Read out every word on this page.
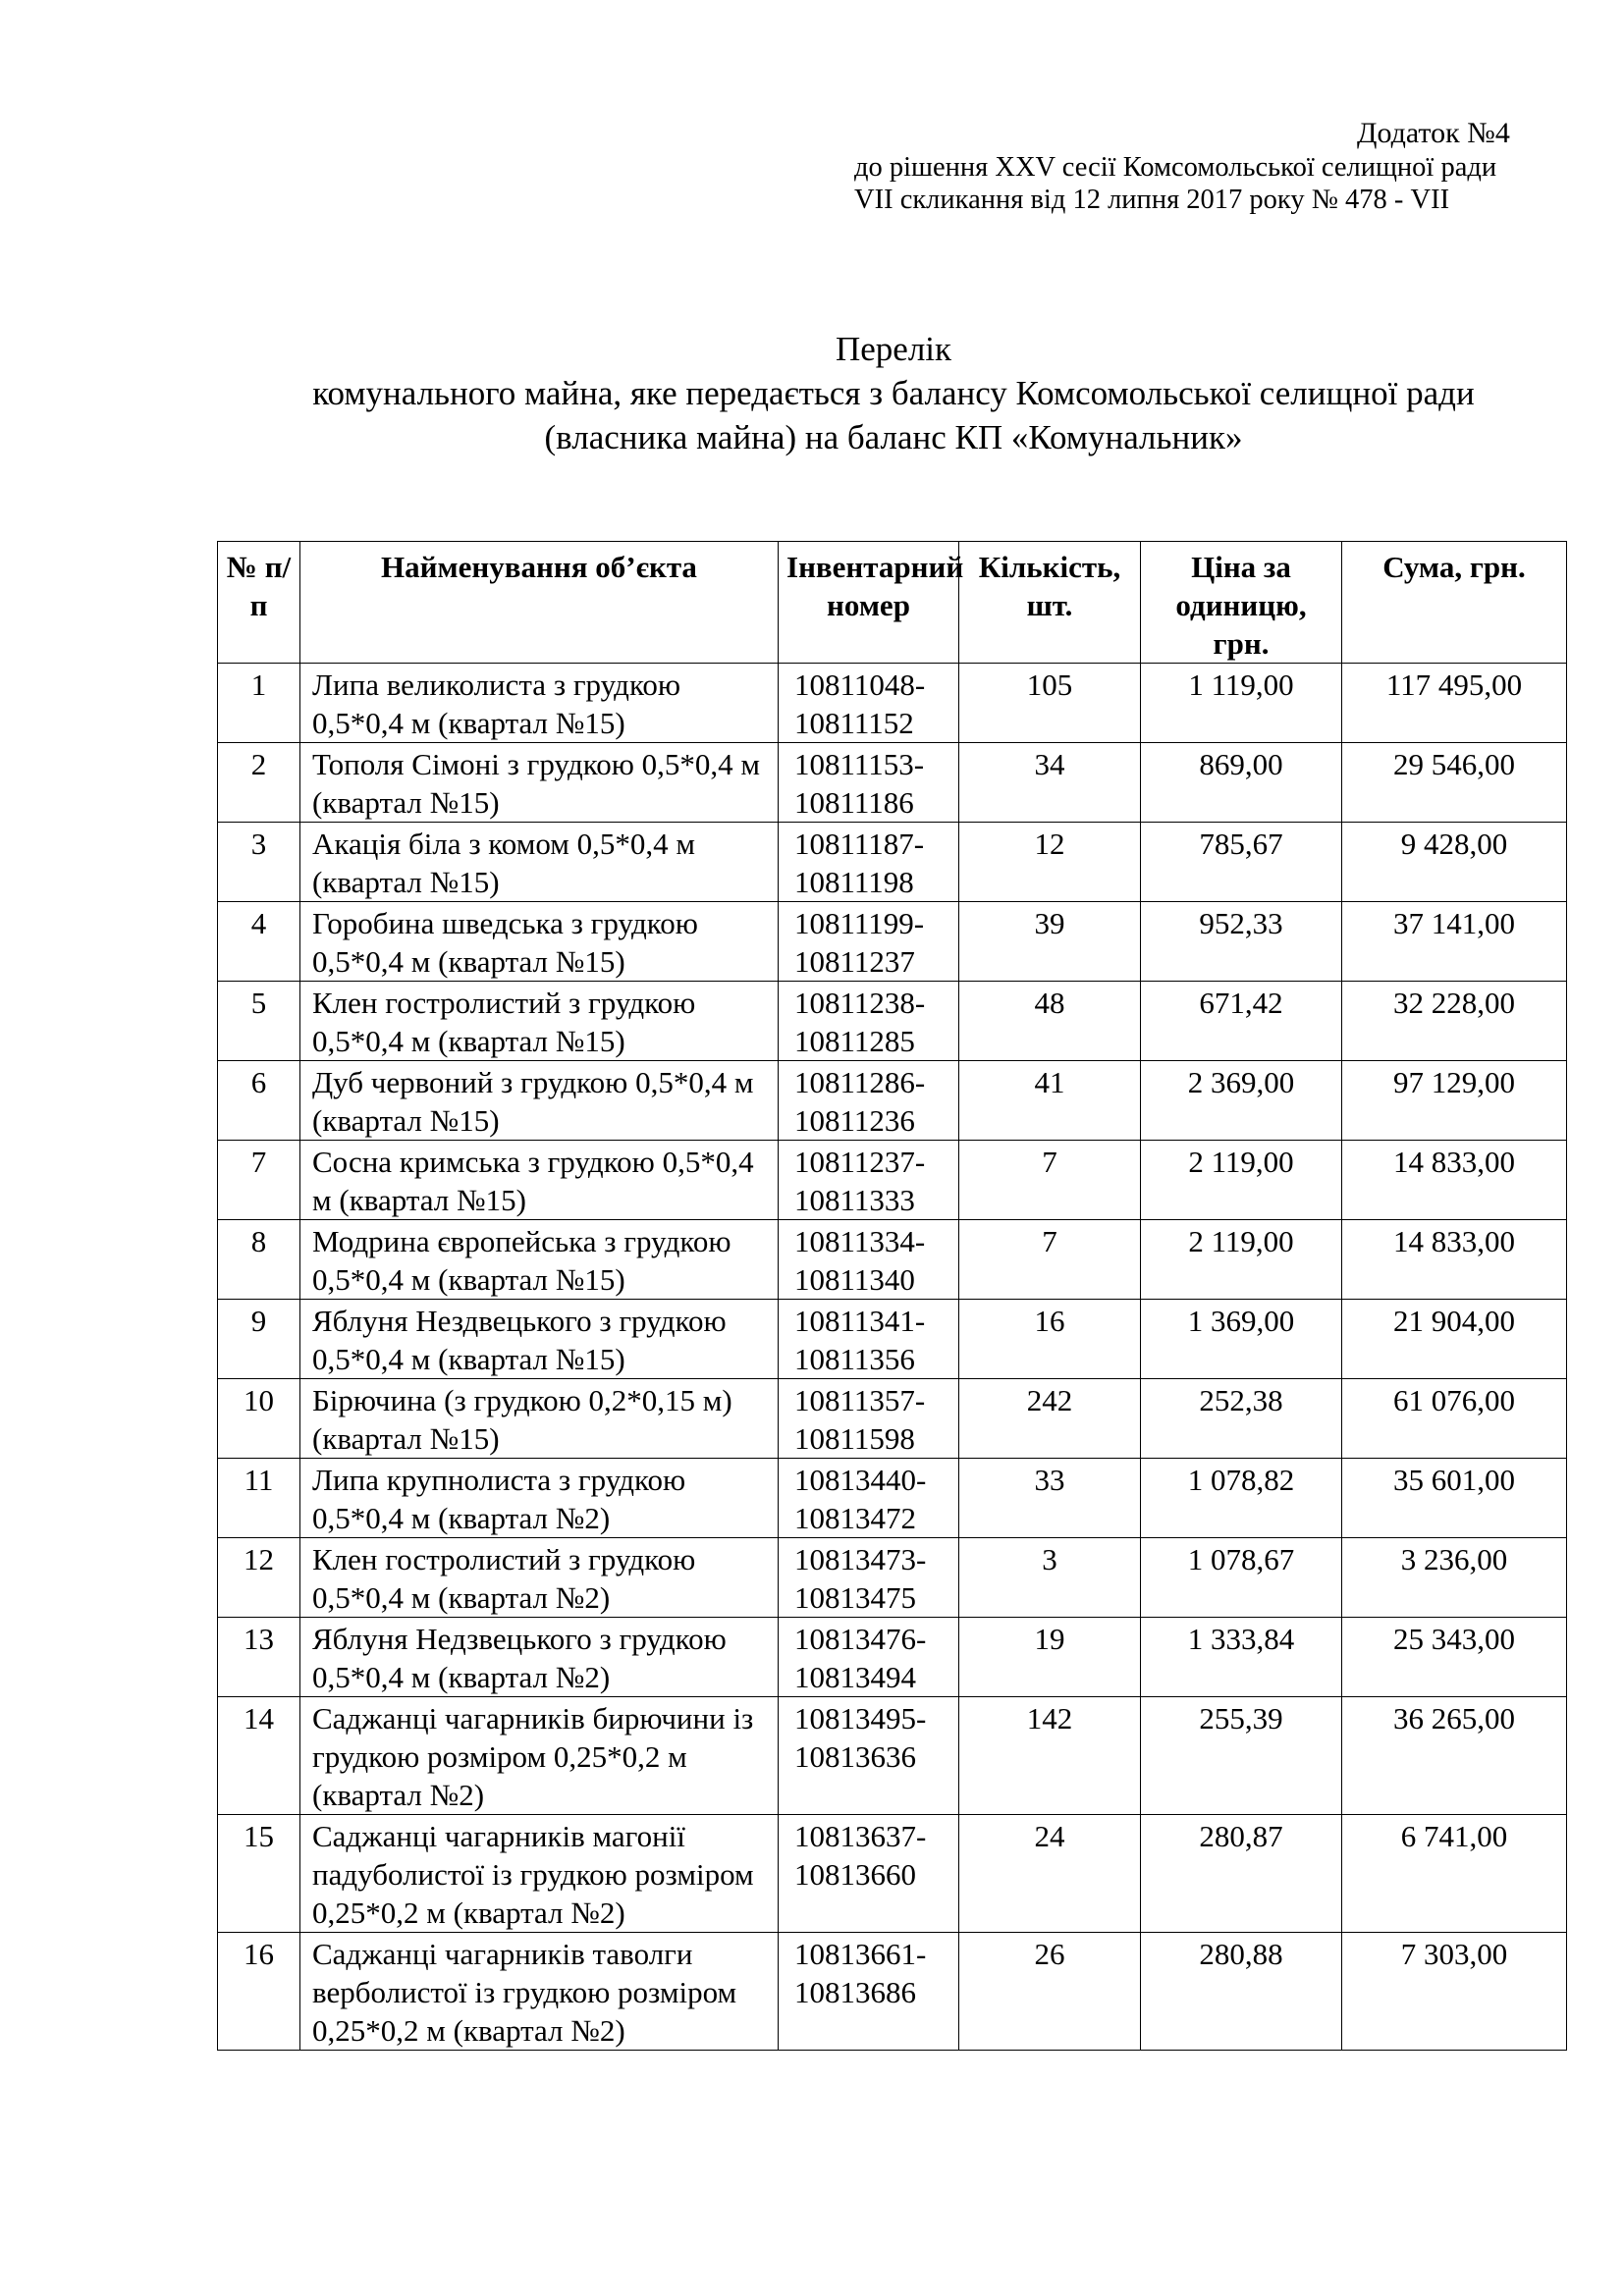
Додаток №4
до рішення XXV сесії Комсомольської селищної ради
VII скликання від 12 липня 2017 року № 478 - VII
Перелік
комунального майна, яке передається з балансу Комсомольської селищної ради
(власника майна) на баланс КП «Комунальник»
№ п/п	Найменування об’єкта	Інвентарний номер	Кількість, шт.	Ціна за одиницю, грн.	Сума, грн.
1	Липа великолиста з грудкою 0,5*0,4 м (квартал №15)	10811048-10811152	105	1 119,00	117 495,00
2	Тополя Сімоні з грудкою 0,5*0,4 м (квартал №15)	10811153-10811186	34	869,00	29 546,00
3	Акація біла з комом 0,5*0,4 м (квартал №15)	10811187-10811198	12	785,67	9 428,00
4	Горобина шведська з грудкою 0,5*0,4 м (квартал №15)	10811199-10811237	39	952,33	37 141,00
5	Клен гостролистий з грудкою 0,5*0,4 м (квартал №15)	10811238-10811285	48	671,42	32 228,00
6	Дуб червоний з грудкою 0,5*0,4 м (квартал №15)	10811286-10811236	41	2 369,00	97 129,00
7	Сосна кримська з грудкою 0,5*0,4 м (квартал №15)	10811237-10811333	7	2 119,00	14 833,00
8	Модрина європейська з грудкою 0,5*0,4 м (квартал №15)	10811334-10811340	7	2 119,00	14 833,00
9	Яблуня Нездвецького з грудкою 0,5*0,4 м (квартал №15)	10811341-10811356	16	1 369,00	21 904,00
10	Бірючина (з грудкою 0,2*0,15 м) (квартал №15)	10811357-10811598	242	252,38	61 076,00
11	Липа крупнолиста з грудкою 0,5*0,4 м (квартал №2)	10813440-10813472	33	1 078,82	35 601,00
12	Клен гостролистий з грудкою 0,5*0,4 м (квартал №2)	10813473-10813475	3	1 078,67	3 236,00
13	Яблуня Недзвецького з грудкою 0,5*0,4 м (квартал №2)	10813476-10813494	19	1 333,84	25 343,00
14	Саджанці чагарників бирючини із грудкою розміром 0,25*0,2 м (квартал №2)	10813495-10813636	142	255,39	36 265,00
15	Саджанці чагарників магонії падуболистої із грудкою розміром 0,25*0,2 м (квартал №2)	10813637-10813660	24	280,87	6 741,00
16	Саджанці чагарників таволги верболистої із грудкою розміром 0,25*0,2 м (квартал №2)	10813661-10813686	26	280,88	7 303,00
